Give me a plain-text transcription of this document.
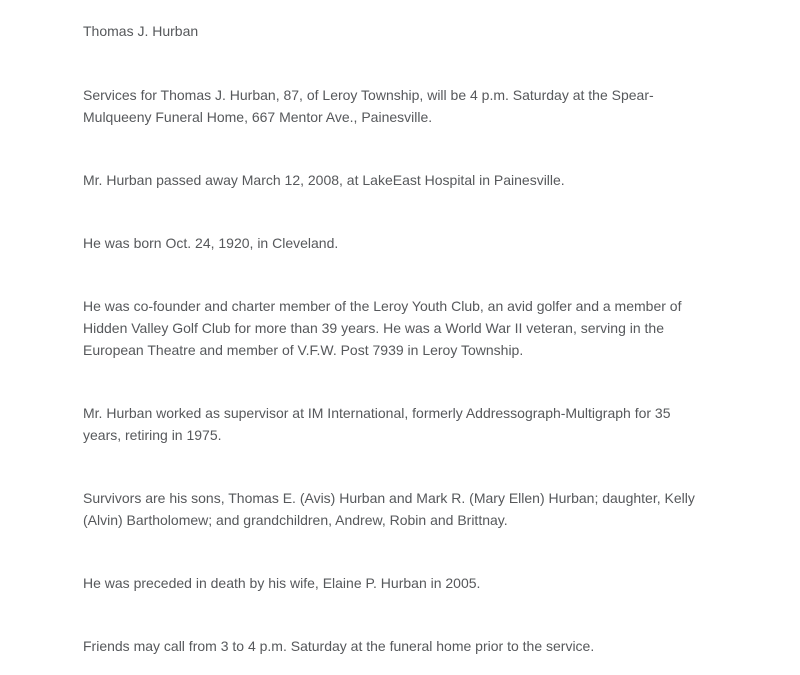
Thomas J. Hurban

Services for Thomas J. Hurban, 87, of Leroy Township, will be 4 p.m. Saturday at the Spear-Mulqueeny Funeral Home, 667 Mentor Ave., Painesville.

Mr. Hurban passed away March 12, 2008, at LakeEast Hospital in Painesville.

He was born Oct. 24, 1920, in Cleveland.

He was co-founder and charter member of the Leroy Youth Club, an avid golfer and a member of Hidden Valley Golf Club for more than 39 years. He was a World War II veteran, serving in the European Theatre and member of V.F.W. Post 7939 in Leroy Township.

Mr. Hurban worked as supervisor at IM International, formerly Addressograph-Multigraph for 35 years, retiring in 1975.

Survivors are his sons, Thomas E. (Avis) Hurban and Mark R. (Mary Ellen) Hurban; daughter, Kelly (Alvin) Bartholomew; and grandchildren, Andrew, Robin and Brittnay.

He was preceded in death by his wife, Elaine P. Hurban in 2005.

Friends may call from 3 to 4 p.m. Saturday at the funeral home prior to the service.
